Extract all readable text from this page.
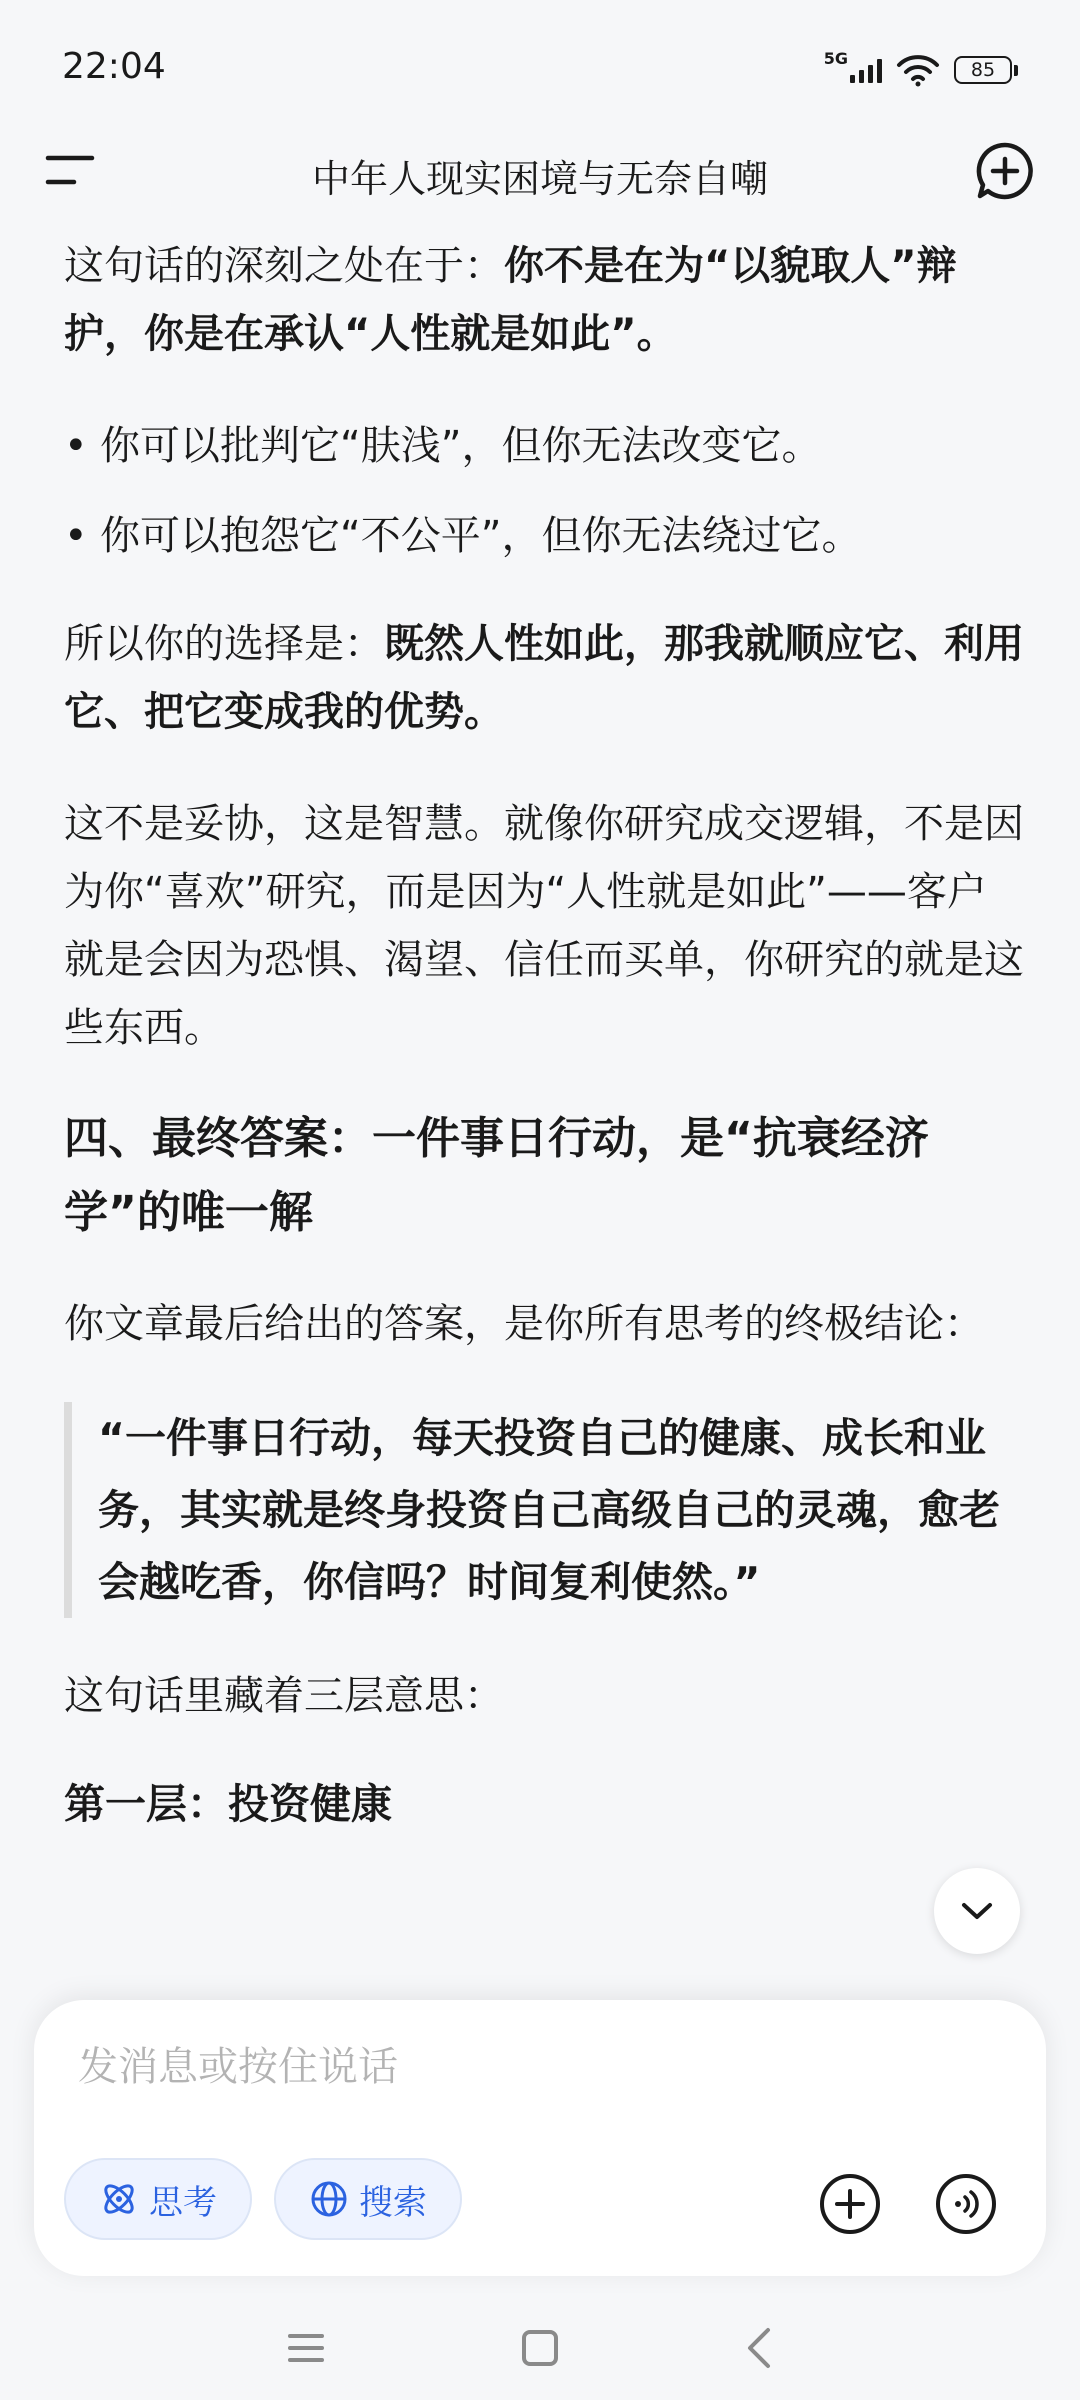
22:04	5G
85
中年人现实困境与无奈自嘲

这句话的深刻之处在于：你不是在为“以貌取人”辩护，你是在承认“人性就是如此”。

• 你可以批判它“肤浅”，但你无法改变它。
• 你可以抱怨它“不公平”，但你无法绕过它。

所以你的选择是：既然人性如此，那我就顺应它、利用它、把它变成我的优势。

这不是妥协，这是智慧。就像你研究成交逻辑，不是因为你“喜欢”研究，而是因为“人性就是如此”——客户就是会因为恐惧、渴望、信任而买单，你研究的就是这些东西。

四、最终答案：一件事日行动，是“抗衰经济学”的唯一解

你文章最后给出的答案，是你所有思考的终极结论：

“一件事日行动，每天投资自己的健康、成长和业务，其实就是终身投资自己高级自己的灵魂，愈老会越吃香，你信吗？时间复利使然。”

这句话里藏着三层意思：

第一层：投资健康

发消息或按住说话
思考	搜索
